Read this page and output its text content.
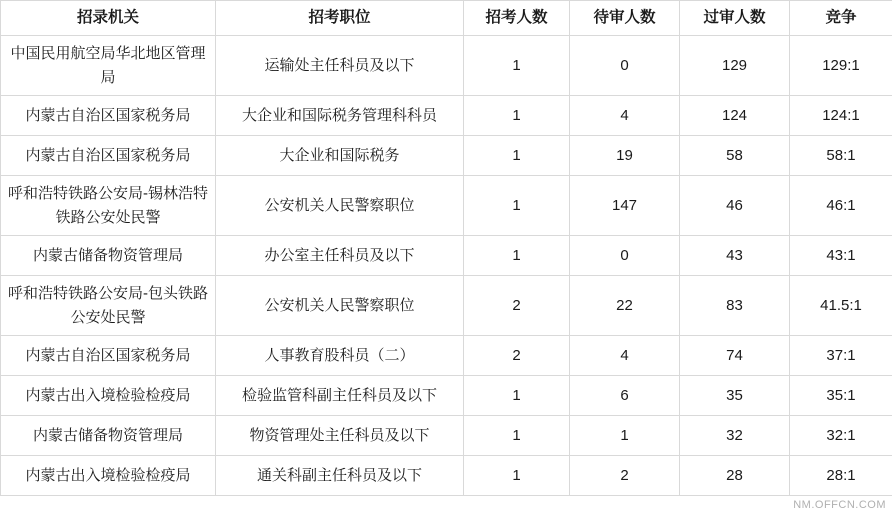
招录机关	招考职位	招考人数	待审人数	过审人数	竞争
中国民用航空局华北地区管理局	运输处主任科员及以下	1	0	129	129:1
内蒙古自治区国家税务局	大企业和国际税务管理科科员	1	4	124	124:1
内蒙古自治区国家税务局	大企业和国际税务	1	19	58	58:1
呼和浩特铁路公安局-锡林浩特铁路公安处民警	公安机关人民警察职位	1	147	46	46:1
内蒙古储备物资管理局	办公室主任科员及以下	1	0	43	43:1
呼和浩特铁路公安局-包头铁路公安处民警	公安机关人民警察职位	2	22	83	41.5:1
内蒙古自治区国家税务局	人事教育股科员（二）	2	4	74	37:1
内蒙古出入境检验检疫局	检验监管科副主任科员及以下	1	6	35	35:1
内蒙古储备物资管理局	物资管理处主任科员及以下	1	1	32	32:1
内蒙古出入境检验检疫局	通关科副主任科员及以下	1	2	28	28:1
NM.OFFCN.COM
